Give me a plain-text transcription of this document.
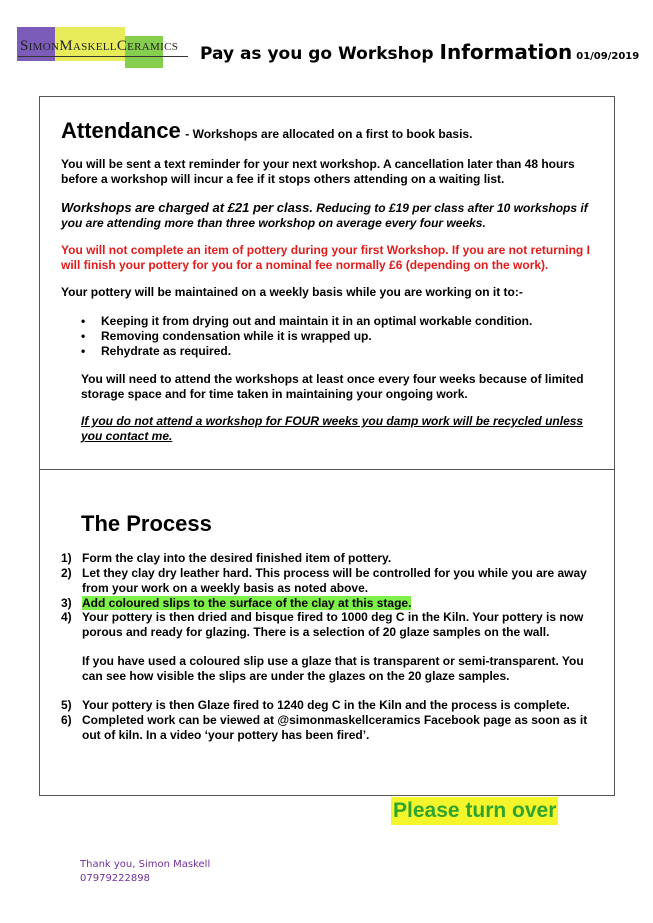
SIMONMASKELLCERAMICS Pay as you go Workshop Information 01/09/2019
Attendance - Workshops are allocated on a first to book basis.

You will be sent a text reminder for your next workshop. A cancellation later than 48 hours
before a workshop will incur a fee if it stops others attending on a waiting list.

Workshops are charged at £21 per class. Reducing to £19 per class after 10 workshops if
you are attending more than three workshop on average every four weeks.

You will not complete an item of pottery during your first Workshop. If you are not returning I
will finish your pottery for you for a nominal fee normally £6 (depending on the work).

Your pottery will be maintained on a weekly basis while you are working on it to:-

• Keeping it from drying out and maintain it in an optimal workable condition.
• Removing condensation while it is wrapped up.
• Rehydrate as required.

You will need to attend the workshops at least once every four weeks because of limited
storage space and for time taken in maintaining your ongoing work.

If you do not attend a workshop for FOUR weeks you damp work will be recycled unless
you contact me.

The Process
1) Form the clay into the desired finished item of pottery.
2) Let they clay dry leather hard. This process will be controlled for you while you are away from your work on a weekly basis as noted above.
3) Add coloured slips to the surface of the clay at this stage.
4) Your pottery is then dried and bisque fired to 1000 deg C in the Kiln. Your pottery is now porous and ready for glazing. There is a selection of 20 glaze samples on the wall.
If you have used a coloured slip use a glaze that is transparent or semi-transparent. You can see how visible the slips are under the glazes on the 20 glaze samples.
5) Your pottery is then Glaze fired to 1240 deg C in the Kiln and the process is complete.
6) Completed work can be viewed at @simonmaskellceramics Facebook page as soon as it out of kiln. In a video ‘your pottery has been fired’.
Please turn over
Thank you, Simon Maskell
07979222898
